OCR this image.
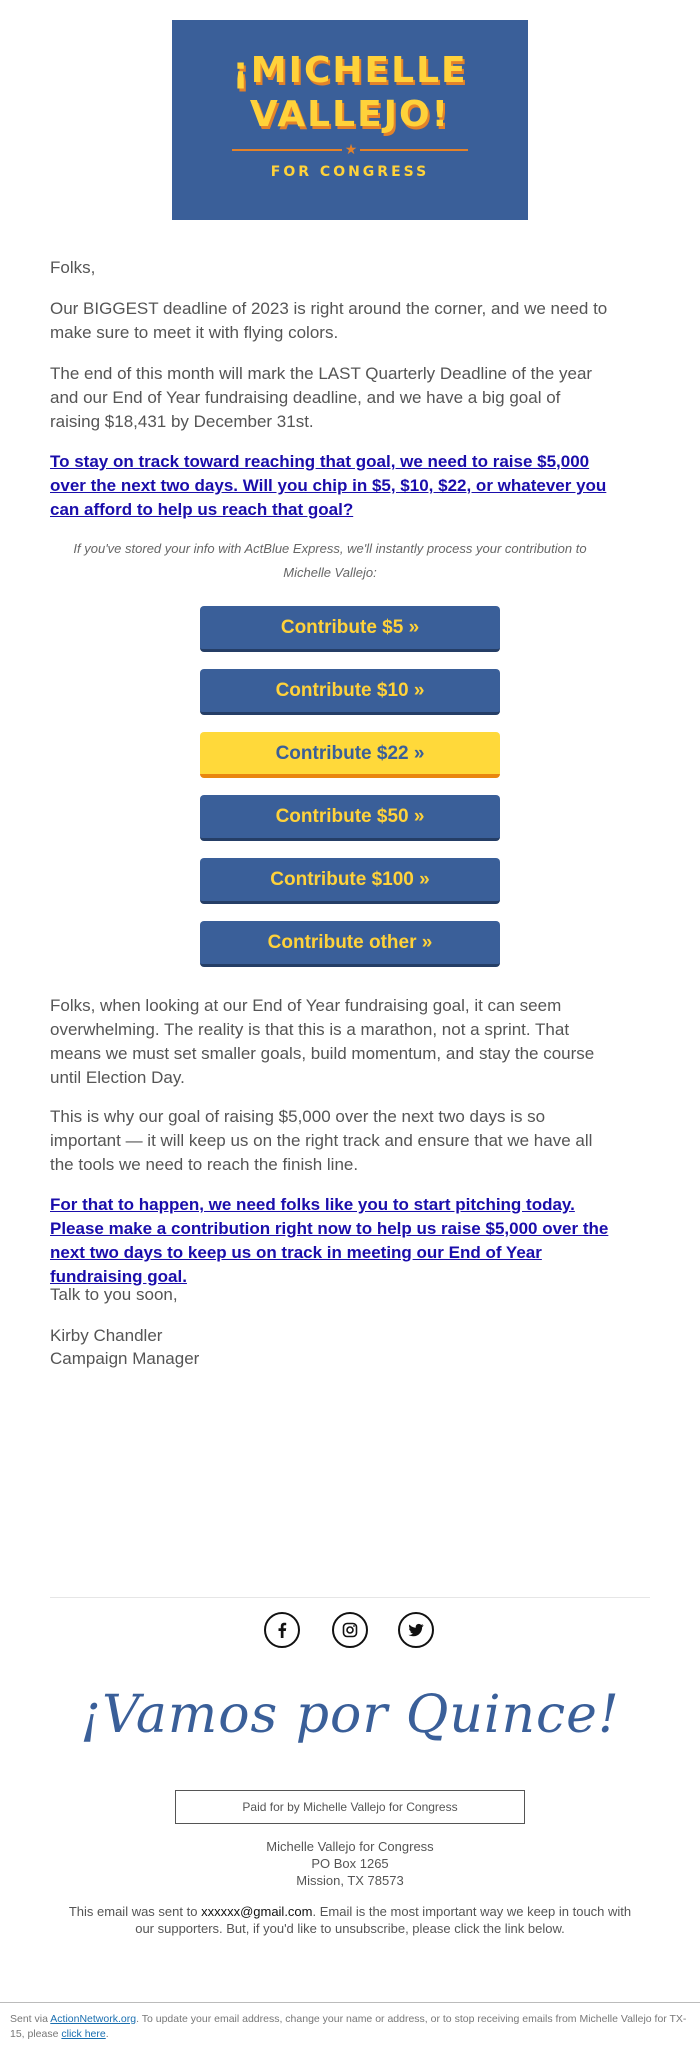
¡MICHELLE
VALLEJO!
★
FOR CONGRESS

Folks,

Our BIGGEST deadline of 2023 is right around the corner, and we need to make sure to meet it with flying colors.

The end of this month will mark the LAST Quarterly Deadline of the year and our End of Year fundraising deadline, and we have a big goal of raising $18,431 by December 31st.

To stay on track toward reaching that goal, we need to raise $5,000 over the next two days. Will you chip in $5, $10, $22, or whatever you can afford to help us reach that goal?
If you've stored your info with ActBlue Express, we'll instantly process your contribution to Michelle Vallejo:
Contribute $5 »
Contribute $10 »
Contribute $22 »
Contribute $50 »
Contribute $100 »
Contribute other »

Folks, when looking at our End of Year fundraising goal, it can seem overwhelming. The reality is that this is a marathon, not a sprint. That means we must set smaller goals, build momentum, and stay the course until Election Day.

This is why our goal of raising $5,000 over the next two days is so important — it will keep us on the right track and ensure that we have all the tools we need to reach the finish line.

For that to happen, we need folks like you to start pitching today. Please make a contribution right now to help us raise $5,000 over the next two days to keep us on track in meeting our End of Year fundraising goal.

Talk to you soon,

Kirby Chandler

Campaign Manager

¡Vamos por Quince!
Paid for by Michelle Vallejo for Congress
Michelle Vallejo for Congress
PO Box 1265
Mission, TX 78573
This email was sent to xxxxxx@gmail.com. Email is the most important way we keep in touch with our supporters. But, if you'd like to unsubscribe, please click the link below.
Sent via ActionNetwork.org. To update your email address, change your name or address, or to stop receiving emails from Michelle Vallejo for TX-15, please click here.
